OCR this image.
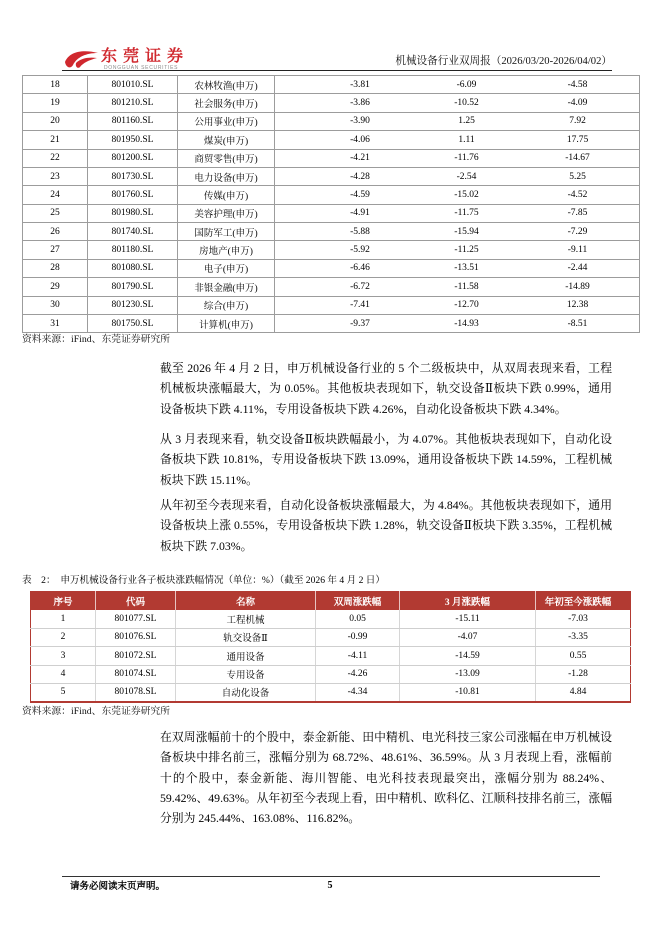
东莞证券
DONGGUAN SECURITIES
机械设备行业双周报（2026/03/20-2026/04/02）
18	801010.SL	农林牧渔(申万)	-3.81	-6.09	-4.58
19	801210.SL	社会服务(申万)	-3.86	-10.52	-4.09
20	801160.SL	公用事业(申万)	-3.90	1.25	7.92
21	801950.SL	煤炭(申万)	-4.06	1.11	17.75
22	801200.SL	商贸零售(申万)	-4.21	-11.76	-14.67
23	801730.SL	电力设备(申万)	-4.28	-2.54	5.25
24	801760.SL	传媒(申万)	-4.59	-15.02	-4.52
25	801980.SL	美容护理(申万)	-4.91	-11.75	-7.85
26	801740.SL	国防军工(申万)	-5.88	-15.94	-7.29
27	801180.SL	房地产(申万)	-5.92	-11.25	-9.11
28	801080.SL	电子(申万)	-6.46	-13.51	-2.44
29	801790.SL	非银金融(申万)	-6.72	-11.58	-14.89
30	801230.SL	综合(申万)	-7.41	-12.70	12.38
31	801750.SL	计算机(申万)	-9.37	-14.93	-8.51
资料来源：iFind、东莞证券研究所

截至 2026 年 4 月 2 日，申万机械设备行业的 5 个二级板块中，从双周表现来看，工程机械板块涨幅最大，为 0.05%。其他板块表现如下，轨交设备Ⅱ板块下跌 0.99%，通用设备板块下跌 4.11%，专用设备板块下跌 4.26%，自动化设备板块下跌 4.34%。

从 3 月表现来看，轨交设备Ⅱ板块跌幅最小，为 4.07%。其他板块表现如下，自动化设备板块下跌 10.81%，专用设备板块下跌 13.09%，通用设备板块下跌 14.59%，工程机械板块下跌 15.11%。

从年初至今表现来看，自动化设备板块涨幅最大，为 4.84%。其他板块表现如下，通用设备板块上涨 0.55%，专用设备板块下跌 1.28%，轨交设备Ⅱ板块下跌 3.35%，工程机械板块下跌 7.03%。

表　2：　申万机械设备行业各子板块涨跌幅情况（单位：%）（截至 2026 年 4 月 2 日）
序号	代码	名称	双周涨跌幅	3 月涨跌幅	年初至今涨跌幅
1	801077.SL	工程机械	0.05	-15.11	-7.03
2	801076.SL	轨交设备Ⅱ	-0.99	-4.07	-3.35
3	801072.SL	通用设备	-4.11	-14.59	0.55
4	801074.SL	专用设备	-4.26	-13.09	-1.28
5	801078.SL	自动化设备	-4.34	-10.81	4.84
资料来源：iFind、东莞证券研究所

在双周涨幅前十的个股中，泰金新能、田中精机、电光科技三家公司涨幅在申万机械设备板块中排名前三，涨幅分别为 68.72%、48.61%、36.59%。从 3 月表现上看，涨幅前十的个股中，泰金新能、海川智能、电光科技表现最突出，涨幅分别为 88.24%、59.42%、49.63%。从年初至今表现上看，田中精机、欧科亿、江顺科技排名前三，涨幅分别为 245.44%、163.08%、116.82%。

请务必阅读末页声明。	5
